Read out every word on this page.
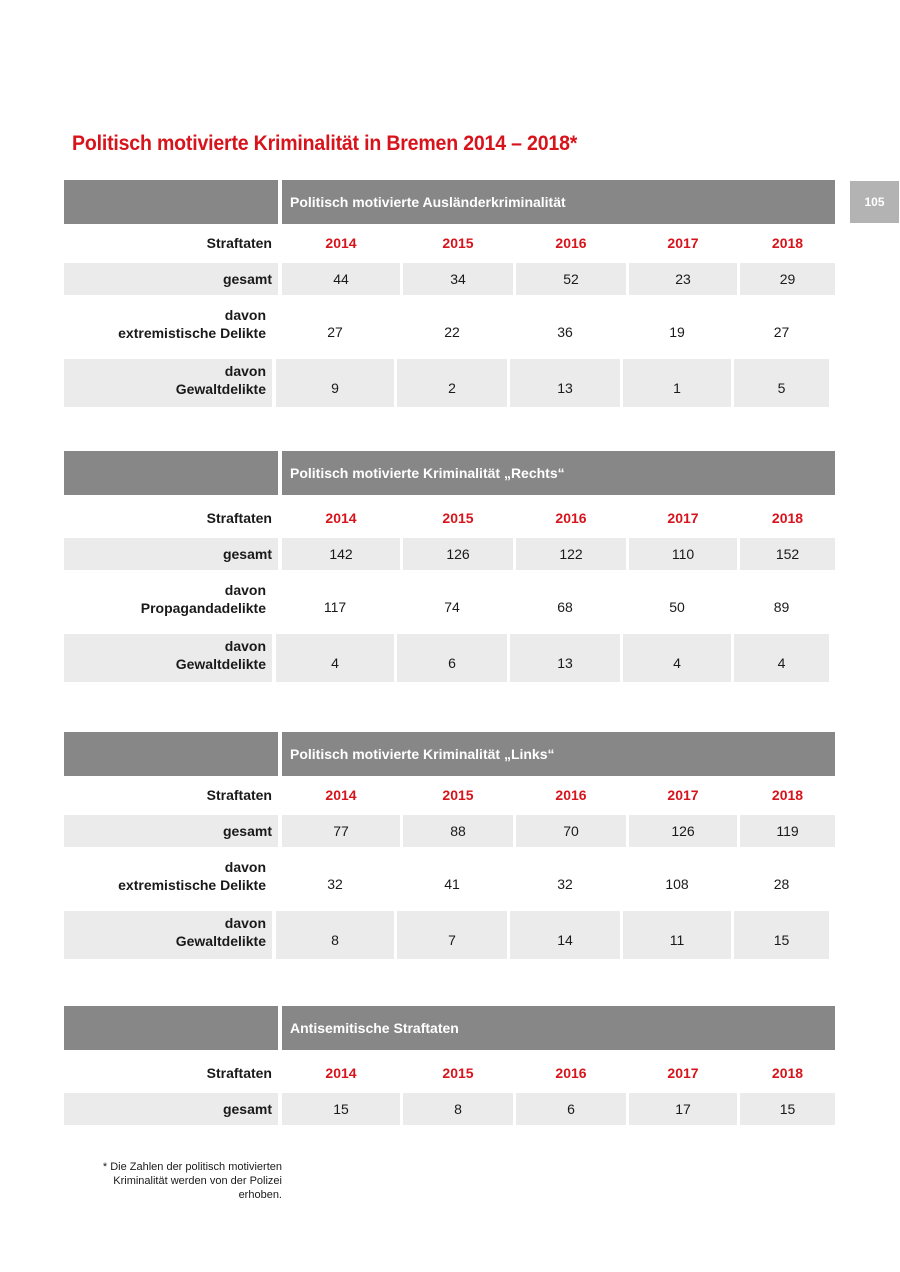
Politisch motivierte Kriminalität in Bremen 2014 – 2018*
105
Politisch motivierte Ausländerkriminalität
Straftaten	2014	2015	2016	2017	2018
gesamt	44	34	52	23	29
davon
extremistische Delikte	27	22	36	19	27
davon
Gewaltdelikte	9	2	13	1	5
Politisch motivierte Kriminalität „Rechts“
Straftaten	2014	2015	2016	2017	2018
gesamt	142	126	122	110	152
davon
Propagandadelikte	117	74	68	50	89
davon
Gewaltdelikte	4	6	13	4	4
Politisch motivierte Kriminalität „Links“
Straftaten	2014	2015	2016	2017	2018
gesamt	77	88	70	126	119
davon
extremistische Delikte	32	41	32	108	28
davon
Gewaltdelikte	8	7	14	11	15
Antisemitische Straftaten
Straftaten	2014	2015	2016	2017	2018
gesamt	15	8	6	17	15
* Die Zahlen der politisch motivierten
Kriminalität werden von der Polizei erhoben.
